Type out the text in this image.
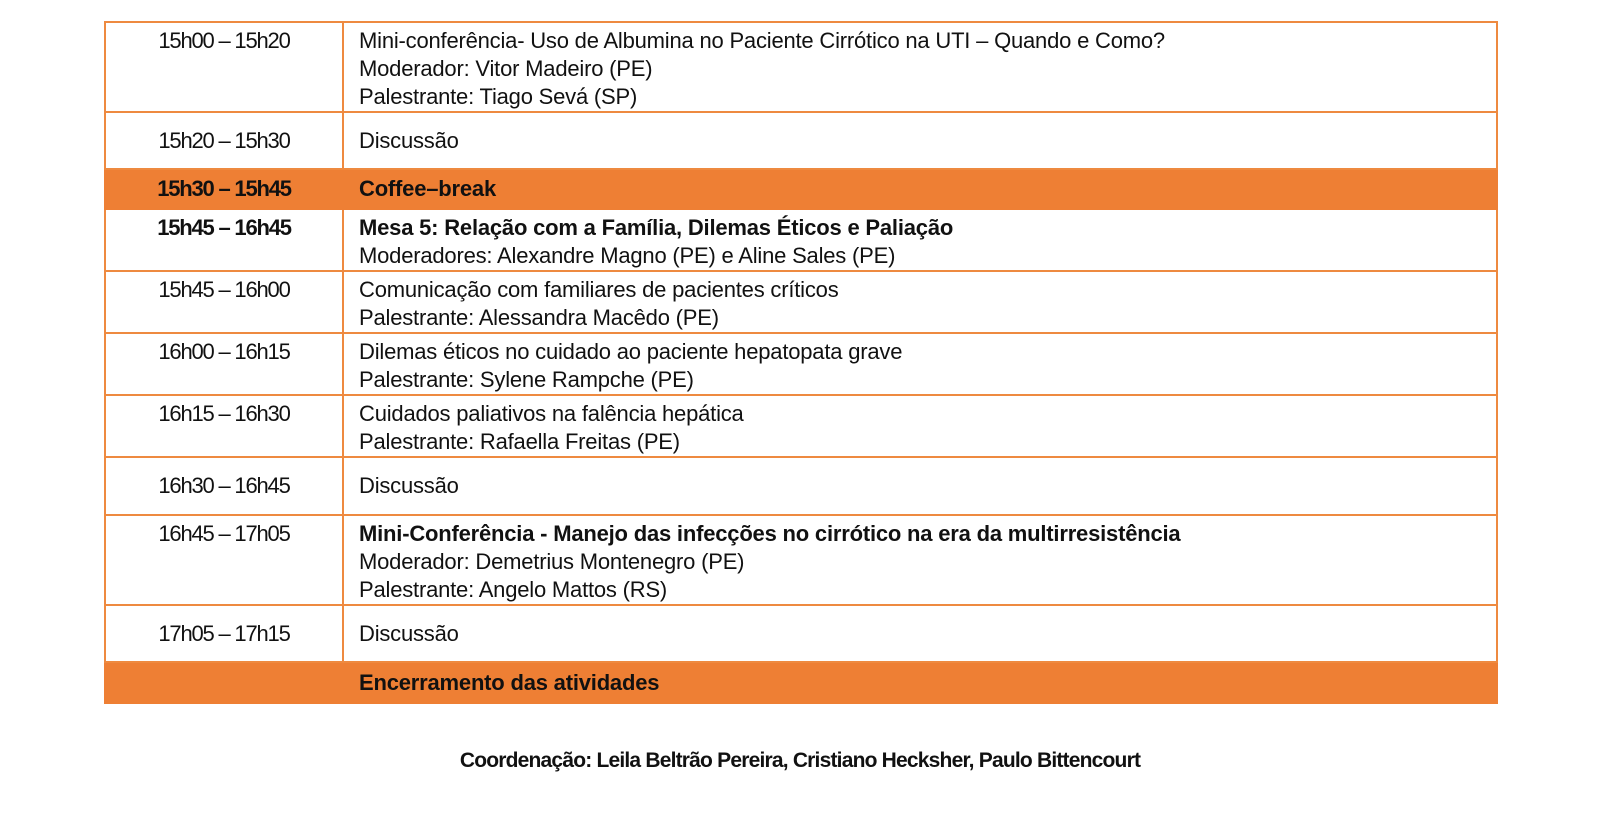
15h00 – 15h20	Mini-conferência- Uso de Albumina no Paciente Cirrótico na UTI – Quando e Como?
Moderador: Vitor Madeiro (PE)
Palestrante: Tiago Sevá (SP)

15h20 – 15h30	Discussão

15h30 – 15h45	Coffee–break

15h45 – 16h45	Mesa 5: Relação com a Família, Dilemas Éticos e Paliação
Moderadores: Alexandre Magno (PE) e Aline Sales (PE)

15h45 – 16h00	Comunicação com familiares de pacientes críticos
Palestrante: Alessandra Macêdo (PE)

16h00 – 16h15	Dilemas éticos no cuidado ao paciente hepatopata grave
Palestrante: Sylene Rampche (PE)

16h15 – 16h30	Cuidados paliativos na falência hepática
Palestrante: Rafaella Freitas (PE)

16h30 – 16h45	Discussão

16h45 – 17h05	Mini-Conferência - Manejo das infecções no cirrótico na era da multirresistência
Moderador: Demetrius Montenegro (PE)
Palestrante: Angelo Mattos (RS)

17h05 – 17h15	Discussão

	Encerramento das atividades
Coordenação: Leila Beltrão Pereira, Cristiano Hecksher, Paulo Bittencourt
